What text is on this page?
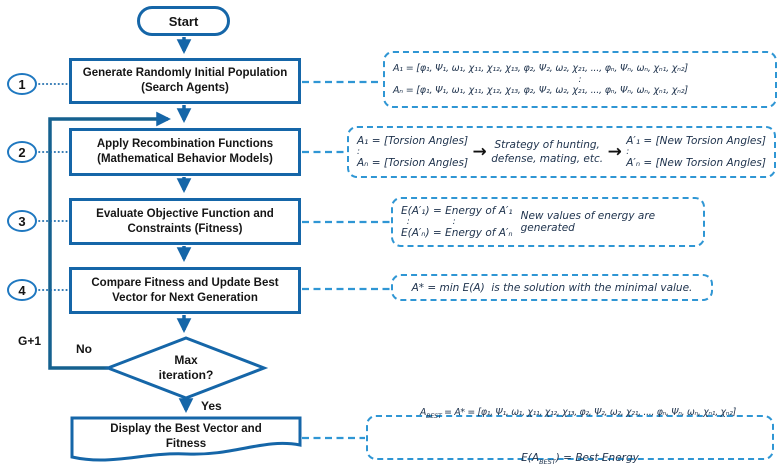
Start
Generate Randomly Initial Population
(Search Agents)
Apply Recombination Functions
(Mathematical Behavior Models)
Evaluate Objective Function and
Constraints (Fitness)
Compare Fitness and Update Best
Vector for Next Generation
Max
iteration?
Display the Best Vector and
Fitness
1
2
3
4
No
Yes
G+1
A₁ = [φ₁, Ψ₁, ω₁, χ₁₁, χ₁₂, χ₁₃, φ₂, Ψ₂, ω₂, χ₂₁, ..., φₙ, Ψₙ, ωₙ, χₙ₁, χₙ₂]
:
Aₙ = [φ₁, Ψ₁, ω₁, χ₁₁, χ₁₂, χ₁₃, φ₂, Ψ₂, ω₂, χ₂₁, ..., φₙ, Ψₙ, ωₙ, χₙ₁, χₙ₂]
A₁ = [Torsion Angles]
:
Aₙ = [Torsion Angles]
→ Strategy of hunting,
defense, mating, etc. →
A′₁ = [New Torsion Angles]
:
A′ₙ = [New Torsion Angles]
E(A′₁) = Energy of A′₁
:               :
E(A′ₙ) = Energy of A′ₙ
New values of energy are generated
A* = min E(A)  is the solution with the minimal value.

$A_{BEST} = A* = [\varphi_1$, Ψ₁, ω₁, χ₁₁, χ₁₂, χ₁₃, φ₂, Ψ₂, ω₂, χ₂₁, ..., φₙ, Ψₙ, ωₙ, χₙ₁, χₙ₂]

$E(A_{BEST})$ = Best Energy
